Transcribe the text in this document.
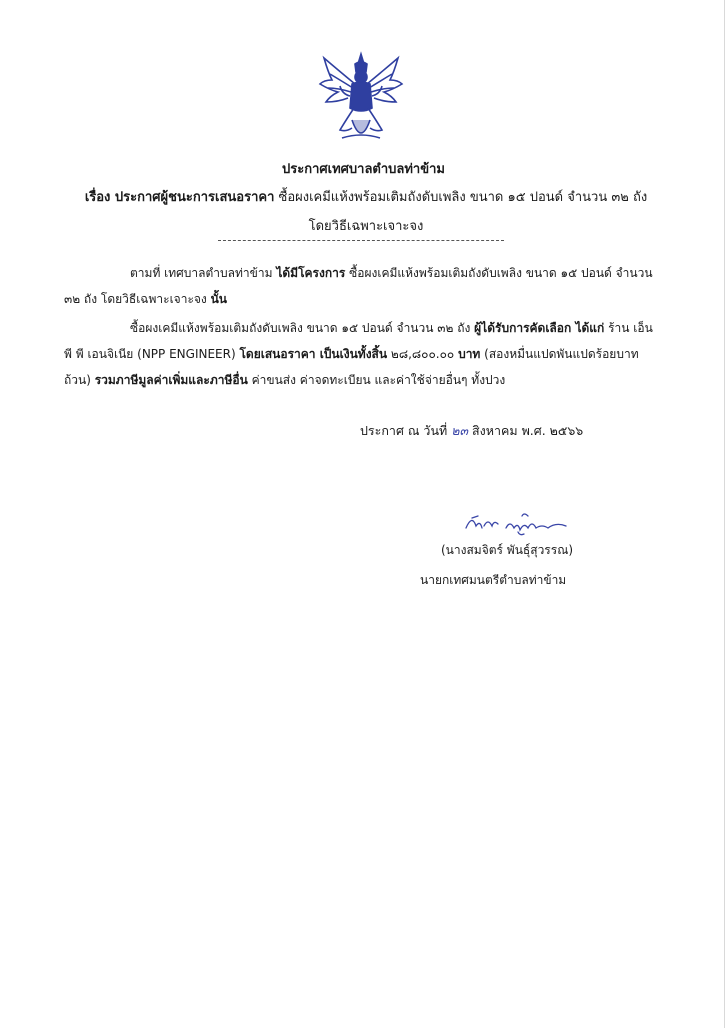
ประกาศเทศบาลตำบลท่าข้าม
เรื่อง ประกาศผู้ชนะการเสนอราคา ซื้อผงเคมีแห้งพร้อมเติมถังดับเพลิง ขนาด ๑๕ ปอนด์ จำนวน ๓๒ ถัง โดยวิธีเฉพาะเจาะจง
ตามที่ เทศบาลตำบลท่าข้าม ได้มีโครงการ ซื้อผงเคมีแห้งพร้อมเติมถังดับเพลิง ขนาด ๑๕ ปอนด์ จำนวน ๓๒ ถัง โดยวิธีเฉพาะเจาะจง นั้น
ซื้อผงเคมีแห้งพร้อมเติมถังดับเพลิง ขนาด ๑๕ ปอนด์ จำนวน ๓๒ ถัง ผู้ได้รับการคัดเลือก ได้แก่ ร้าน เอ็น พี พี เอนจิเนีย (NPP ENGINEER) โดยเสนอราคา เป็นเงินทั้งสิ้น ๒๘,๘๐๐.๐๐ บาท (สองหมื่นแปดพันแปดร้อยบาทถ้วน) รวมภาษีมูลค่าเพิ่มและภาษีอื่น ค่าขนส่ง ค่าจดทะเบียน และค่าใช้จ่ายอื่นๆ ทั้งปวง
ประกาศ ณ วันที่ ๒๓ สิงหาคม พ.ศ. ๒๕๖๖
(นางสมจิตร์ พันธุ์สุวรรณ)
นายกเทศมนตรีตำบลท่าข้าม
